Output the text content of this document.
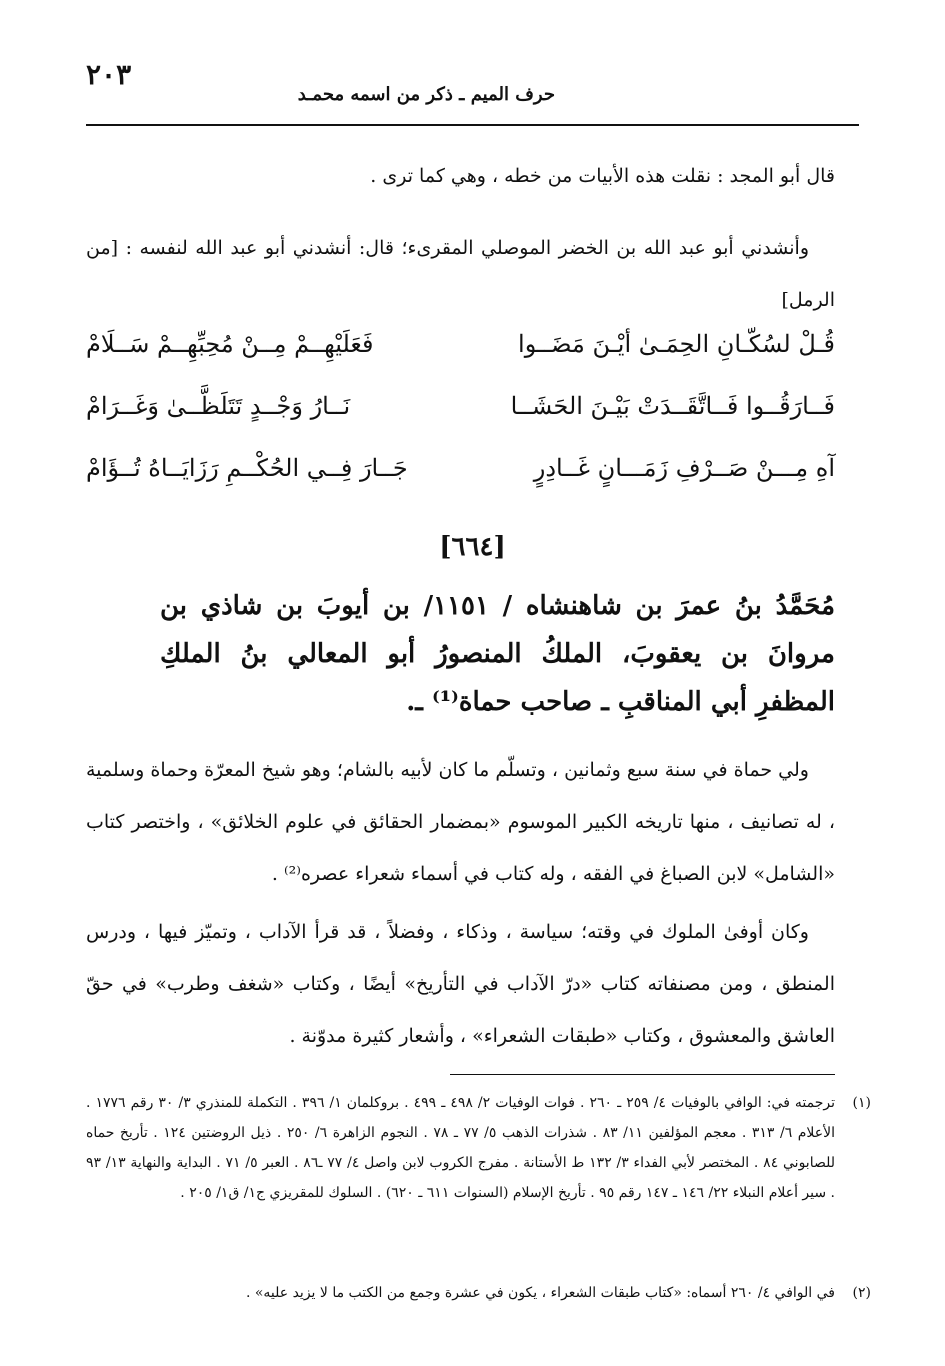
٢٠٣
حرف الميم ـ ذكر من اسمه محمـد

قال أبو المجد : نقلت هذه الأبيات من خطه ، وهي كما ترى .

وأنشدني أبو عبد الله بن الخضر الموصلي المقرىء؛ قال: أنشدني أبو عبد الله لنفسه : [من الرمل]

قُـلْ لسُكّـانِ الحِمَـىٰ أيْـنَ مَضَــوا
فَعَلَيْهِــمْ مِــنْ مُحِبِّهِــمْ سَــلَامْ
فَــارَقُــوا فَــاتَّقَــدَتْ بَيْـنَ الحَشَــا
نَــارُ وَجْــدٍ تَتَلَظَّــىٰ وَغَــرَامْ
آهِ مِـــنْ صَــرْفِ زَمَـــانٍ غَــادِرٍ
جَــارَ فِــي الحُكْــمِ رَزَايَــاهُ تُــؤَامْ
[٦٦٤]

مُحَمَّدُ بنُ عمرَ بن شاهنشاه / ١١٥١/ بن أيوبَ بن شاذي بن مروانَ بن يعقوبَ، الملكُ المنصورُ أبو المعالي بنُ الملكِ المظفرِ أبي المناقبِ ـ صاحب حماة⁽¹⁾ ـ.

ولي حماة في سنة سبع وثمانين ، وتسلّم ما كان لأبيه بالشام؛ وهو شيخ المعرّة وحماة وسلمية ، له تصانيف ، منها تاريخه الكبير الموسوم «بمضمار الحقائق في علوم الخلائق» ، واختصر كتاب «الشامل» لابن الصباغ في الفقه ، وله كتاب في أسماء شعراء عصره⁽²⁾ .

وكان أوفىٰ الملوك في وقته؛ سياسة ، وذكاء ، وفضلاً ، قد قرأ الآداب ، وتميّز فيها ، ودرس المنطق ، ومن مصنفاته كتاب «درّ الآداب في التأريخ» أيضًا ، وكتاب «شغف وطرب» في حقّ العاشق والمعشوق ، وكتاب «طبقات الشعراء» ، وأشعار كثيرة مدوّنة .

(١)
ترجمته في: الوافي بالوفيات ٤/ ٢٥٩ ـ ٢٦٠ . فوات الوفيات ٢/ ٤٩٨ ـ ٤٩٩ . بروكلمان ١/ ٣٩٦ . التكملة للمنذري ٣/ ٣٠ رقم ١٧٧٦ . الأعلام ٦/ ٣١٣ . معجم المؤلفين ١١/ ٨٣ . شذرات الذهب ٥/ ٧٧ ـ ٧٨ . النجوم الزاهرة ٦/ ٢٥٠ . ذيل الروضتين ١٢٤ . تأريخ حماه للصابوني ٨٤ . المختصر لأبي الفداء ٣/ ١٣٢ ط الأستانة . مفرج الكروب لابن واصل ٤/ ٧٧ ـ٨٦ . العبر ٥/ ٧١ . البداية والنهاية ١٣/ ٩٣ . سير أعلام النبلاء ٢٢/ ١٤٦ ـ ١٤٧ رقم ٩٥ . تأريخ الإسلام (السنوات ٦١١ ـ ٦٢٠) . السلوك للمقريزي ج١/ ق١/ ٢٠٥ .
(٢)
في الوافي ٤/ ٢٦٠ أسماه: «كتاب طبقات الشعراء ، يكون في عشرة وجمع من الكتب ما لا يزيد عليه» .
